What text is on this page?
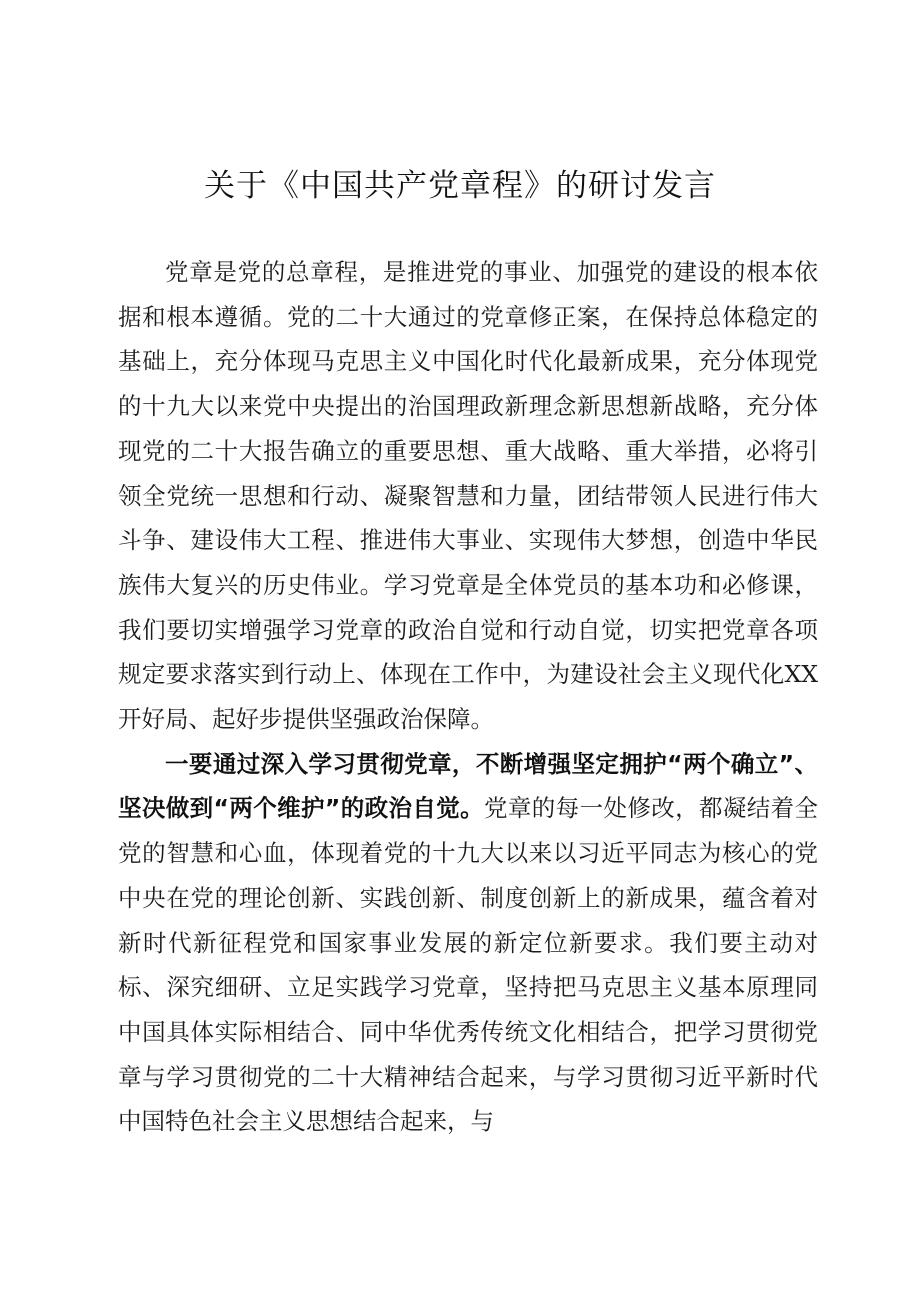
关于《中国共产党章程》的研讨发言

党章是党的总章程，是推进党的事业、加强党的建设的根本依据和根本遵循。党的二十大通过的党章修正案，在保持总体稳定的基础上，充分体现马克思主义中国化时代化最新成果，充分体现党的十九大以来党中央提出的治国理政新理念新思想新战略，充分体现党的二十大报告确立的重要思想、重大战略、重大举措，必将引领全党统一思想和行动、凝聚智慧和力量，团结带领人民进行伟大斗争、建设伟大工程、推进伟大事业、实现伟大梦想，创造中华民族伟大复兴的历史伟业。学习党章是全体党员的基本功和必修课，我们要切实增强学习党章的政治自觉和行动自觉，切实把党章各项规定要求落实到行动上、体现在工作中，为建设社会主义现代化XX开好局、起好步提供坚强政治保障。

一要通过深入学习贯彻党章，不断增强坚定拥护“两个确立”、坚决做到“两个维护”的政治自觉。党章的每一处修改，都凝结着全党的智慧和心血，体现着党的十九大以来以习近平同志为核心的党中央在党的理论创新、实践创新、制度创新上的新成果，蕴含着对新时代新征程党和国家事业发展的新定位新要求。我们要主动对标、深究细研、立足实践学习党章，坚持把马克思主义基本原理同中国具体实际相结合、同中华优秀传统文化相结合，把学习贯彻党章与学习贯彻党的二十大精神结合起来，与学习贯彻习近平新时代中国特色社会主义思想结合起来，与
